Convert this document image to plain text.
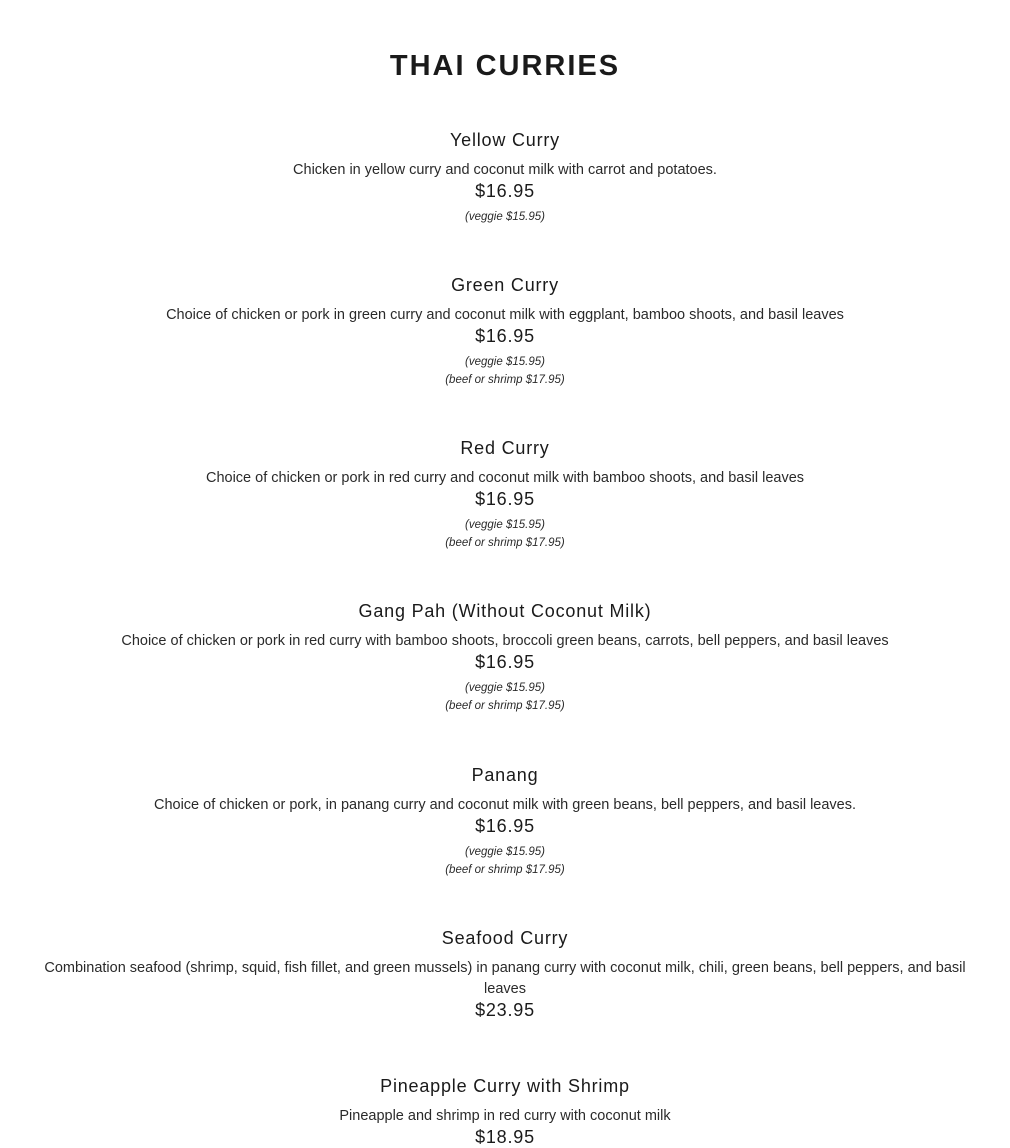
THAI CURRIES
Yellow Curry

Chicken in yellow curry and coconut milk with carrot and potatoes.

$16.95

(veggie $15.95)

Green Curry

Choice of chicken or pork in green curry and coconut milk with eggplant, bamboo shoots, and basil leaves

$16.95

(veggie $15.95)

(beef or shrimp $17.95)

Red Curry

Choice of chicken or pork in red curry and coconut milk with bamboo shoots, and basil leaves

$16.95

(veggie $15.95)

(beef or shrimp $17.95)

Gang Pah (Without Coconut Milk)

Choice of chicken or pork in red curry with bamboo shoots, broccoli green beans, carrots, bell peppers, and basil leaves

$16.95

(veggie $15.95)

(beef or shrimp $17.95)

Panang

Choice of chicken or pork, in panang curry and coconut milk with green beans, bell peppers, and basil leaves.

$16.95

(veggie $15.95)

(beef or shrimp $17.95)

Seafood Curry

Combination seafood (shrimp, squid, fish fillet, and green mussels) in panang curry with coconut milk, chili, green beans, bell peppers, and basil leaves

$23.95

Pineapple Curry with Shrimp

Pineapple and shrimp in red curry with coconut milk

$18.95
